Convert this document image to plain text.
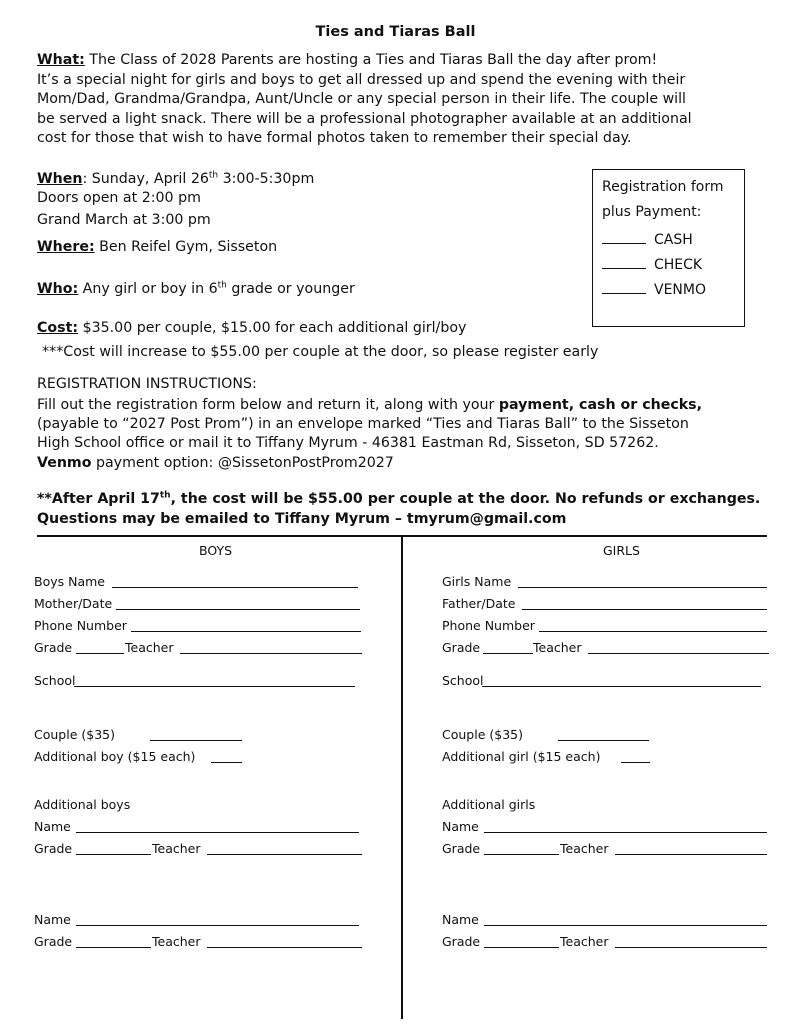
Ties and Tiaras Ball
What: The Class of 2028 Parents are hosting a Ties and Tiaras Ball the day after prom!
It’s a special night for girls and boys to get all dressed up and spend the evening with their
Mom/Dad, Grandma/Grandpa, Aunt/Uncle or any special person in their life. The couple will
be served a light snack. There will be a professional photographer available at an additional
cost for those that wish to have formal photos taken to remember their special day.
When: Sunday, April 26th 3:00-5:30pm
Doors open at 2:00 pm
Grand March at 3:00 pm
Where: Ben Reifel Gym, Sisseton
Who: Any girl or boy in 6th grade or younger
Cost: $35.00 per couple, $15.00 for each additional girl/boy
***Cost will increase to $55.00 per couple at the door, so please register early
Registration form
plus Payment:
CASH
CHECK
VENMO
REGISTRATION INSTRUCTIONS:
Fill out the registration form below and return it, along with your payment, cash or checks,
(payable to “2027 Post Prom”) in an envelope marked “Ties and Tiaras Ball” to the Sisseton
High School office or mail it to Tiffany Myrum - 46381 Eastman Rd, Sisseton, SD 57262.
Venmo payment option: @SissetonPostProm2027
**After April 17th, the cost will be $55.00 per couple at the door. No refunds or exchanges.
Questions may be emailed to Tiffany Myrum – tmyrum@gmail.com
BOYS
Boys Name
Mother/Date
Phone Number
Grade	Teacher
School
Couple ($35)
Additional boy ($15 each)
Additional boys
Name
Grade	Teacher
Name
Grade	Teacher
GIRLS
Girls Name
Father/Date
Phone Number
Grade	Teacher
School
Couple ($35)
Additional girl ($15 each)
Additional girls
Name
Grade	Teacher
Name
Grade	Teacher
